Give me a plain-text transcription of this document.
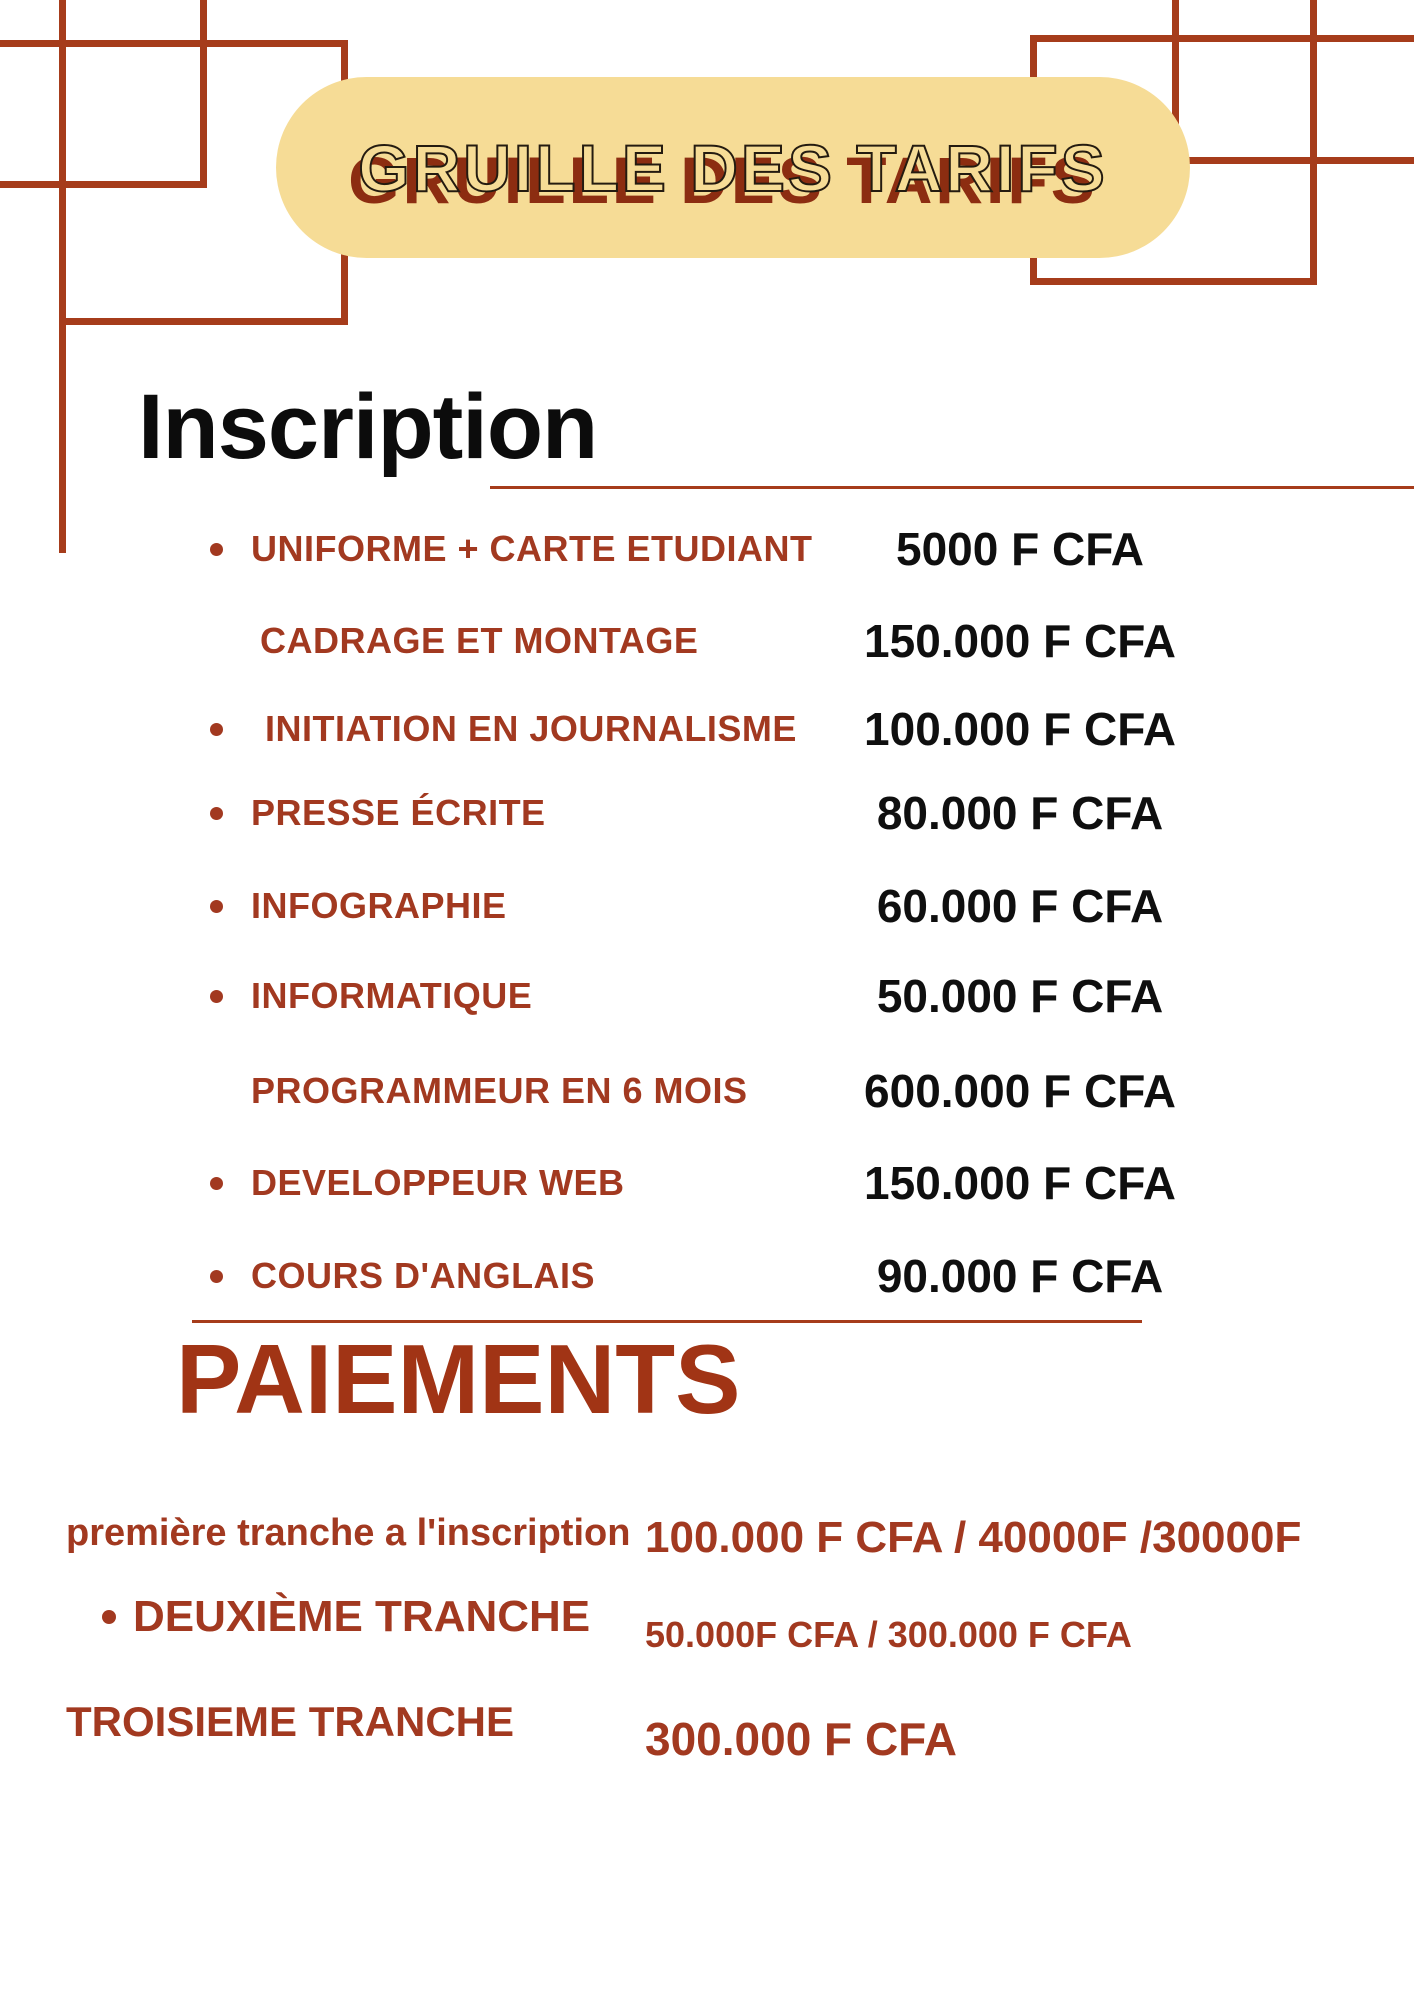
GRUILLE DES TARIFS
Inscription
UNIFORME + CARTE ETUDIANT	5000 F CFA
CADRAGE ET MONTAGE	150.000 F CFA
INITIATION EN JOURNALISME	100.000 F CFA
PRESSE ÉCRITE	80.000 F CFA
INFOGRAPHIE	60.000 F CFA
INFORMATIQUE	50.000 F CFA
PROGRAMMEUR EN 6 MOIS	600.000 F CFA
DEVELOPPEUR WEB	150.000 F CFA
COURS D'ANGLAIS	90.000 F CFA
PAIEMENTS
première tranche a l'inscription 100.000 F CFA / 40000F /30000F
DEUXIÈME TRANCHE 50.000F CFA / 300.000 F CFA
TROISIEME TRANCHE	300.000 F CFA
